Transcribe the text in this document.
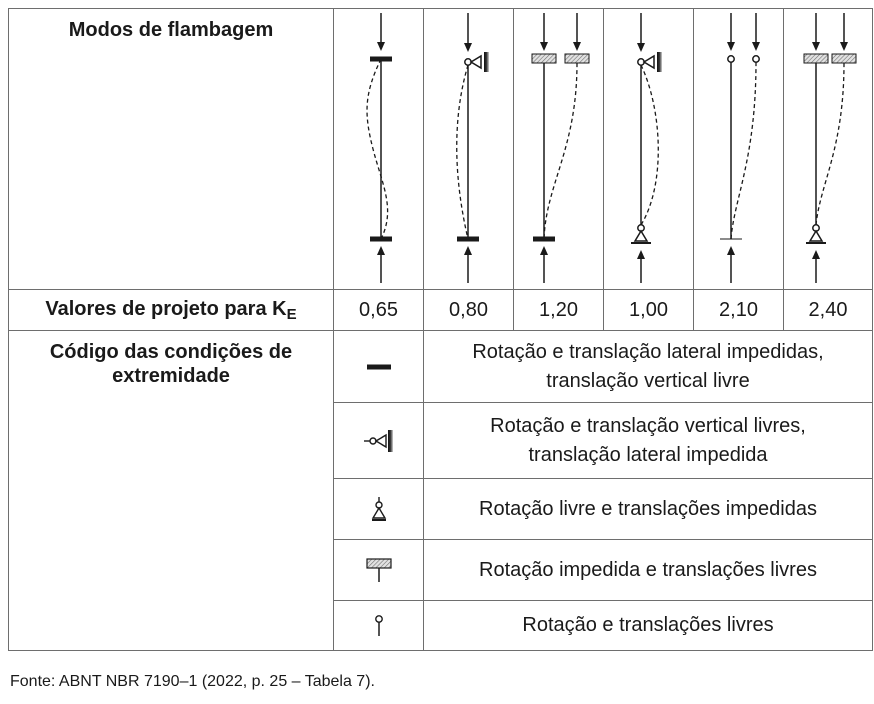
Modos de flambagem	

Valores de projeto para $K_E$	0,65	0,80	1,20	1,00	2,10	2,40

Código das condições de extremidade		Rotação e translação lateral impedidas,
translação vertical livre				

Rotação e translação vertical livres,
translação lateral impedida				

Rotação livre e translações impedidas				

Rotação impedida e translações livres				

Rotação e translações livres				
Fonte: ABNT NBR 7190–1 (2022, p. 25 – Tabela 7).
